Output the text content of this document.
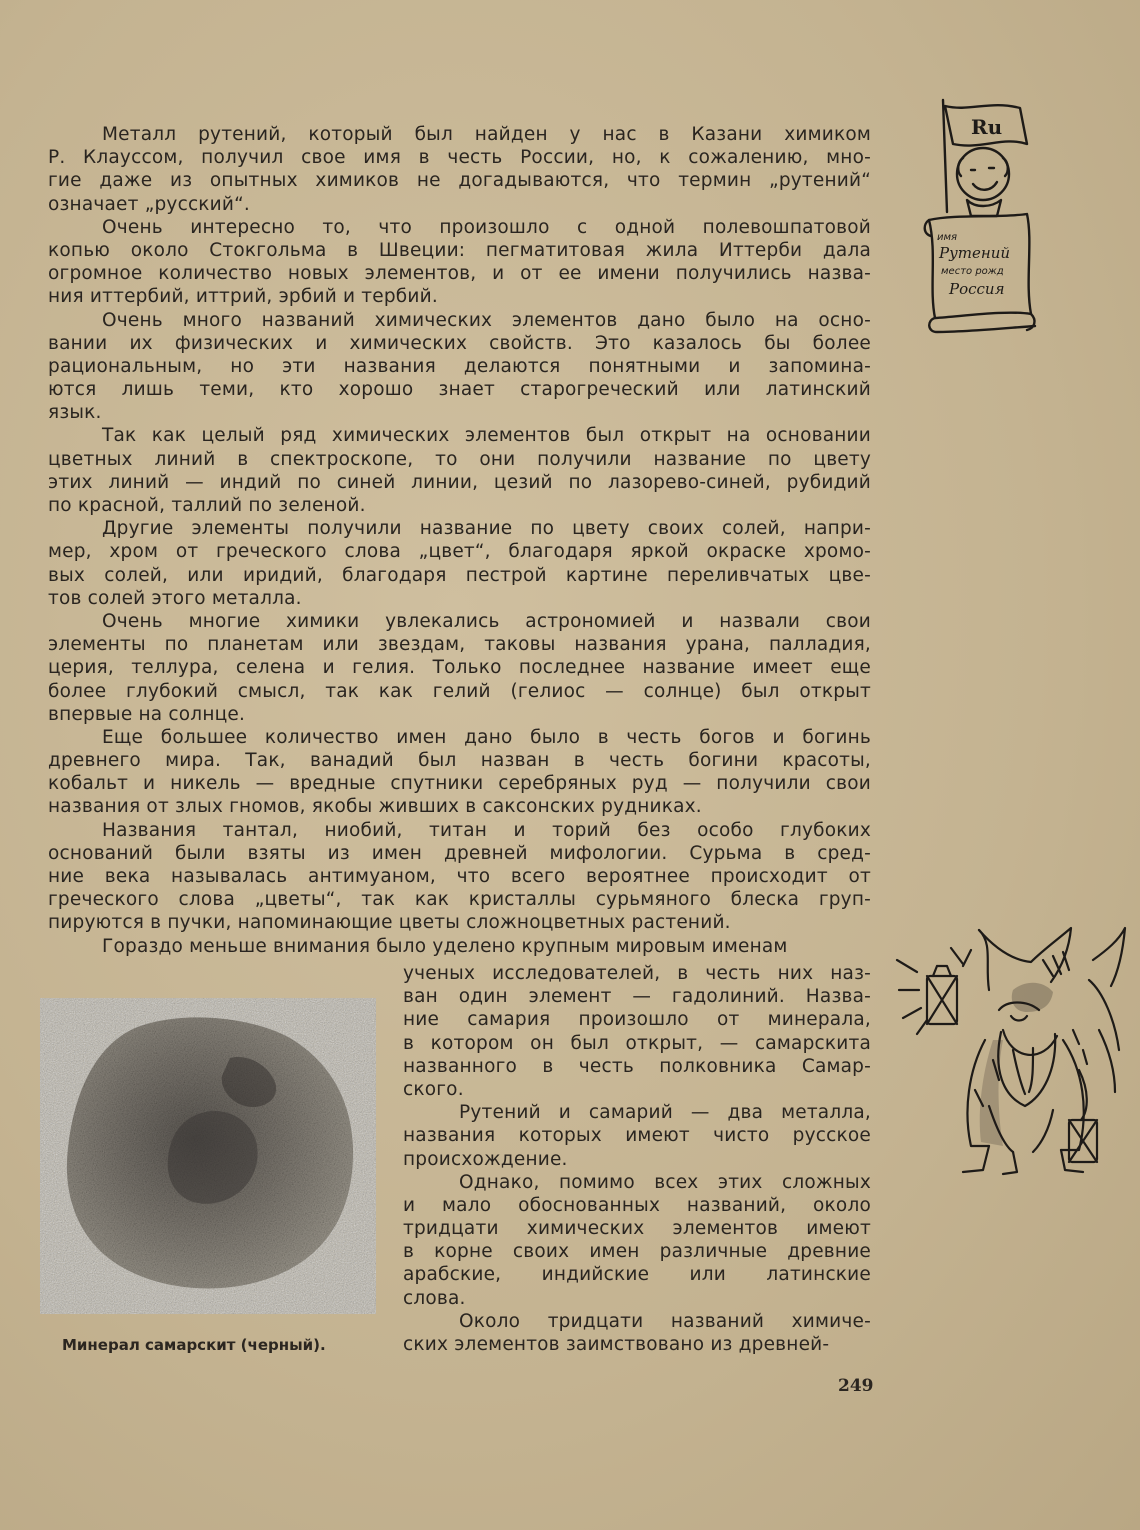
Металл рутений, который был найден у нас в Казани химиком
Р. Клауссом, получил свое имя в честь России, но, к сожалению, мно-
гие даже из опытных химиков не догадываются, что термин „рутений“
означает „русский“.
Очень интересно то, что произошло с одной полевошпатовой
копью около Стокгольма в Швеции: пегматитовая жила Иттерби дала
огромное количество новых элементов, и от ее имени получились назва-
ния иттербий, иттрий, эрбий и тербий.
Очень много названий химических элементов дано было на осно-
вании их физических и химических свойств. Это казалось бы более
рациональным, но эти названия делаются понятными и запомина-
ются лишь теми, кто хорошо знает старогреческий или латинский
язык.
Так как целый ряд химических элементов был открыт на основании
цветных линий в спектроскопе, то они получили название по цвету
этих линий — индий по синей линии, цезий по лазорево-синей, рубидий
по красной, таллий по зеленой.
Другие элементы получили название по цвету своих солей, напри-
мер, хром от греческого слова „цвет“, благодаря яркой окраске хромо-
вых солей, или иридий, благодаря пестрой картине переливчатых цве-
тов солей этого металла.
Очень многие химики увлекались астрономией и назвали свои
элементы по планетам или звездам, таковы названия урана, палладия,
церия, теллура, селена и гелия. Только последнее название имеет еще
более глубокий смысл, так как гелий (гелиос — солнце) был открыт
впервые на солнце.
Еще большее количество имен дано было в честь богов и богинь
древнего мира. Так, ванадий был назван в честь богини красоты,
кобальт и никель — вредные спутники серебряных руд — получили свои
названия от злых гномов, якобы живших в саксонских рудниках.
Названия тантал, ниобий, титан и торий без особо глубоких
оснований были взяты из имен древней мифологии. Сурьма в сред-
ние века называлась антимуаном, что всего вероятнее происходит от
греческого слова „цветы“, так как кристаллы сурьмяного блеска груп-
пируются в пучки, напоминающие цветы сложноцветных растений.
Гораздо меньше внимания было уделено крупным мировым именам
ученых исследователей, в честь них наз-
ван один элемент — гадолиний. Назва-
ние самария произошло от минерала,
в котором он был открыт, — самарскита
названного в честь полковника Самар-
ского.
Рутений и самарий — два металла,
названия которых имеют чисто русское
происхождение.
Однако, помимо всех этих сложных
и мало обоснованных названий, около
тридцати химических элементов имеют
в корне своих имен различные древние
арабские, индийские или латинские
слова.
Около тридцати названий химиче-
ских элементов заимствовано из древней-
Минерал самарскит (черный).
249
Ru
имя
Рутений
место рожд
Россия
